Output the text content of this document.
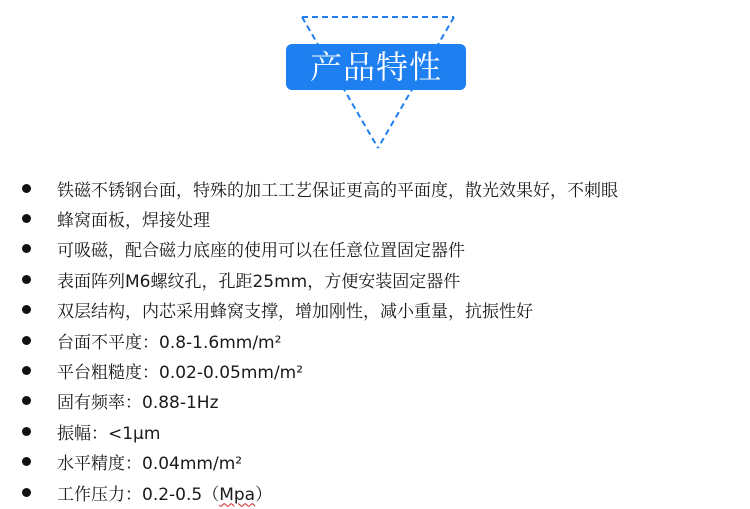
产品特性
铁磁不锈钢台面，特殊的加工工艺保证更高的平面度，散光效果好，不刺眼
蜂窝面板，焊接处理
可吸磁，配合磁力底座的使用可以在任意位置固定器件
表面阵列M6螺纹孔，孔距25mm，方便安装固定器件
双层结构，内芯采用蜂窝支撑，增加刚性，减小重量，抗振性好
台面不平度：0.8-1.6mm/m²
平台粗糙度：0.02-0.05mm/m²
固有频率：0.88-1Hz
振幅：<1μm
水平精度：0.04mm/m²
工作压力：0.2-0.5（Mpa）
